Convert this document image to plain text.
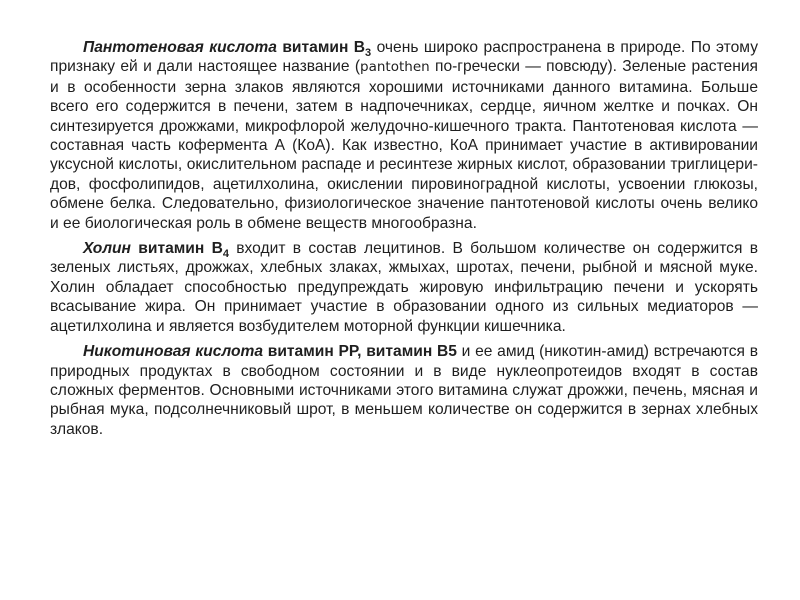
Пантотеновая кислота витамин $В_3$ очень широко распространена в природе. По этому признаку ей и дали настоящее название (pantothen по-гречески — повсюду). Зеленые растения и в особенности зерна злаков являются хорошими источниками данного витамина. Больше всего его содержится в печени, затем в надпочечниках, сердце, яичном желтке и почках. Он синтезируется дрожжами, микрофлорой желудочно-кишечного тракта. Пантотеновая кислота — составная часть кофермента А (КоА). Как известно, КоА принимает участие в активировании уксусной кислоты, окислительном распаде и ресинтезе жирных кислот, образовании триглицери-дов, фосфолипидов, ацетилхолина, окислении пировиноградной кислоты, усвоении глюкозы, обмене белка. Следовательно, физиологическое значение пантотеновой кислоты очень велико и ее биологическая роль в обмене веществ многообразна.

Холин витамин $В_4$ входит в состав лецитинов. В большом количестве он содержится в зеленых листьях, дрожжах, хлебных злаках, жмыхах, шротах, печени, рыбной и мясной муке. Холин обладает способностью предупреждать жировую инфильтрацию печени и ускорять всасывание жира. Он принимает участие в образовании одного из сильных медиаторов — ацетилхолина и является возбудителем моторной функции кишечника.

Никотиновая кислота витамин РР, витамин В5 и ее амид (никотин-амид) встречаются в природных продуктах в свободном состоянии и в виде нуклеопротеидов входят в состав сложных ферментов. Основными источниками этого витамина служат дрожжи, печень, мясная и рыбная мука, подсолнечниковый шрот, в меньшем количестве он содержится в зернах хлебных злаков.
